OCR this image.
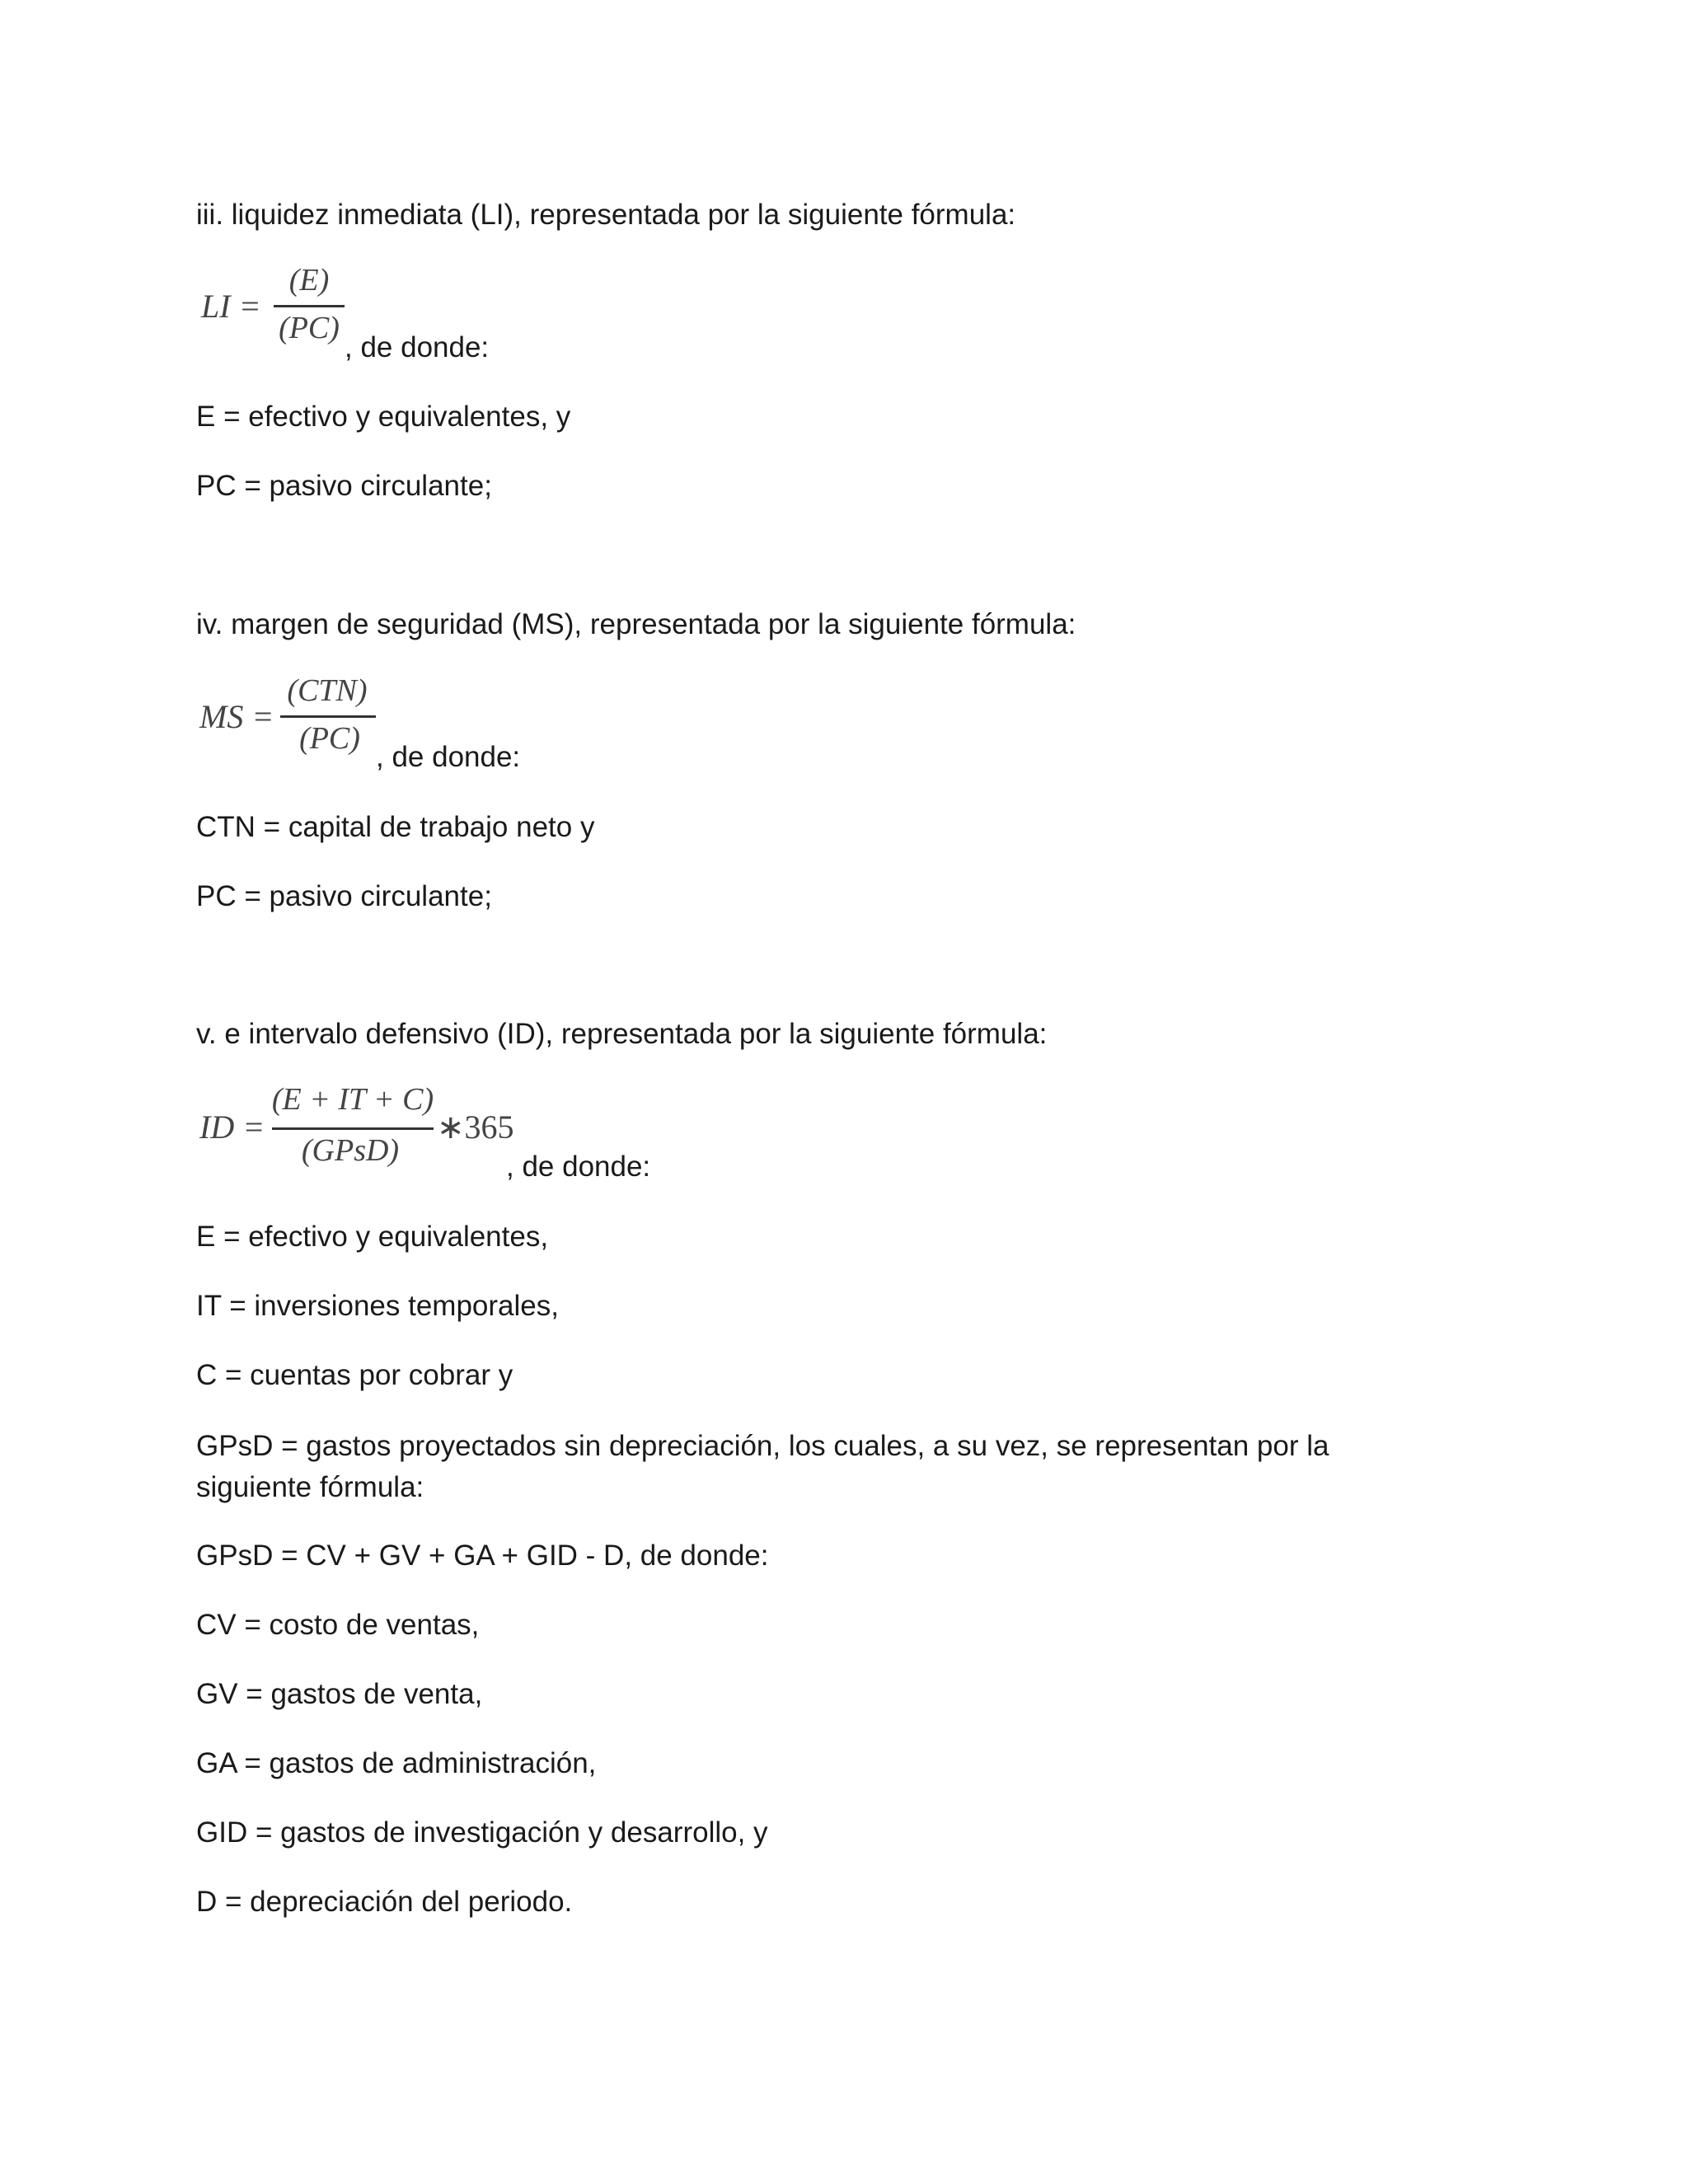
iii. liquidez inmediata (LI), representada por la siguiente fórmula:
LI =
(E)
(PC)
, de donde:
E = efectivo y equivalentes, y
PC = pasivo circulante;
iv. margen de seguridad (MS), representada por la siguiente fórmula:
MS =
(CTN)
(PC)
, de donde:
CTN = capital de trabajo neto y
PC = pasivo circulante;
v. e intervalo defensivo (ID), representada por la siguiente fórmula:
ID =
(E + IT + C)
(GPsD)
∗365
, de donde:
E = efectivo y equivalentes,
IT = inversiones temporales,
C = cuentas por cobrar y
GPsD = gastos proyectados sin depreciación, los cuales, a su vez, se representan por la siguiente fórmula:
GPsD = CV + GV + GA + GID - D, de donde:
CV = costo de ventas,
GV = gastos de venta,
GA = gastos de administración,
GID = gastos de investigación y desarrollo, y
D = depreciación del periodo.
